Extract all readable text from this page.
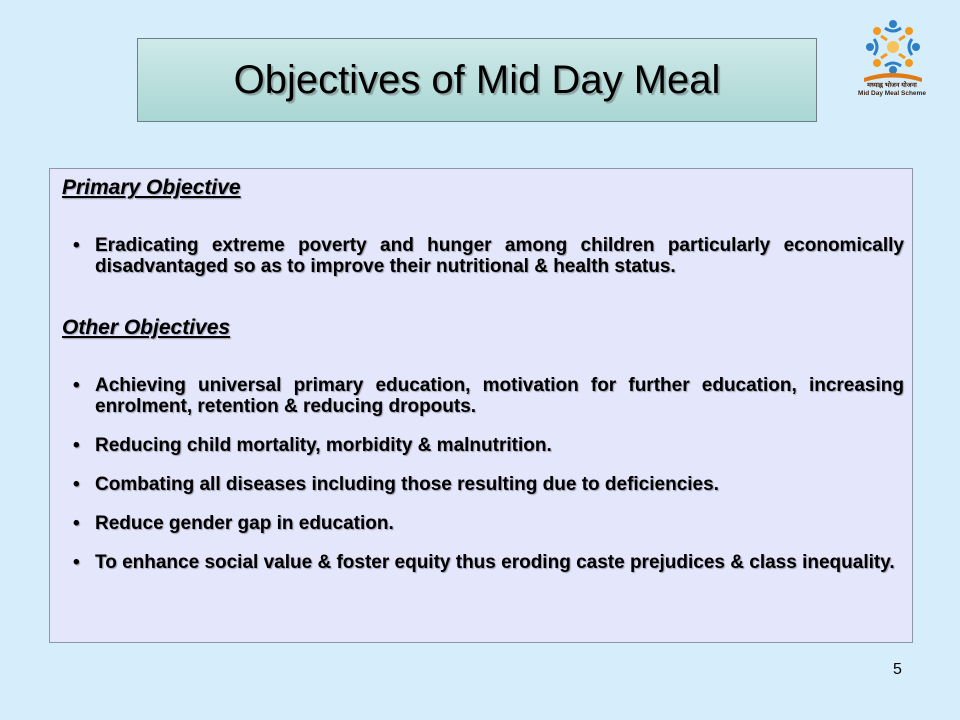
Objectives of Mid Day Meal	मध्याह्न भोजन योजना
Mid Day Meal Scheme

Primary Objective

• Eradicating extreme poverty and hunger among children particularly economically disadvantaged so as to improve their nutritional & health status.

Other Objectives

• Achieving universal primary education, motivation for further education, increasing enrolment, retention & reducing dropouts.
• Reducing child mortality, morbidity & malnutrition.
• Combating all diseases including those resulting due to deficiencies.
• Reduce gender gap in education.
• To enhance social value & foster equity thus eroding caste prejudices & class inequality.
5
